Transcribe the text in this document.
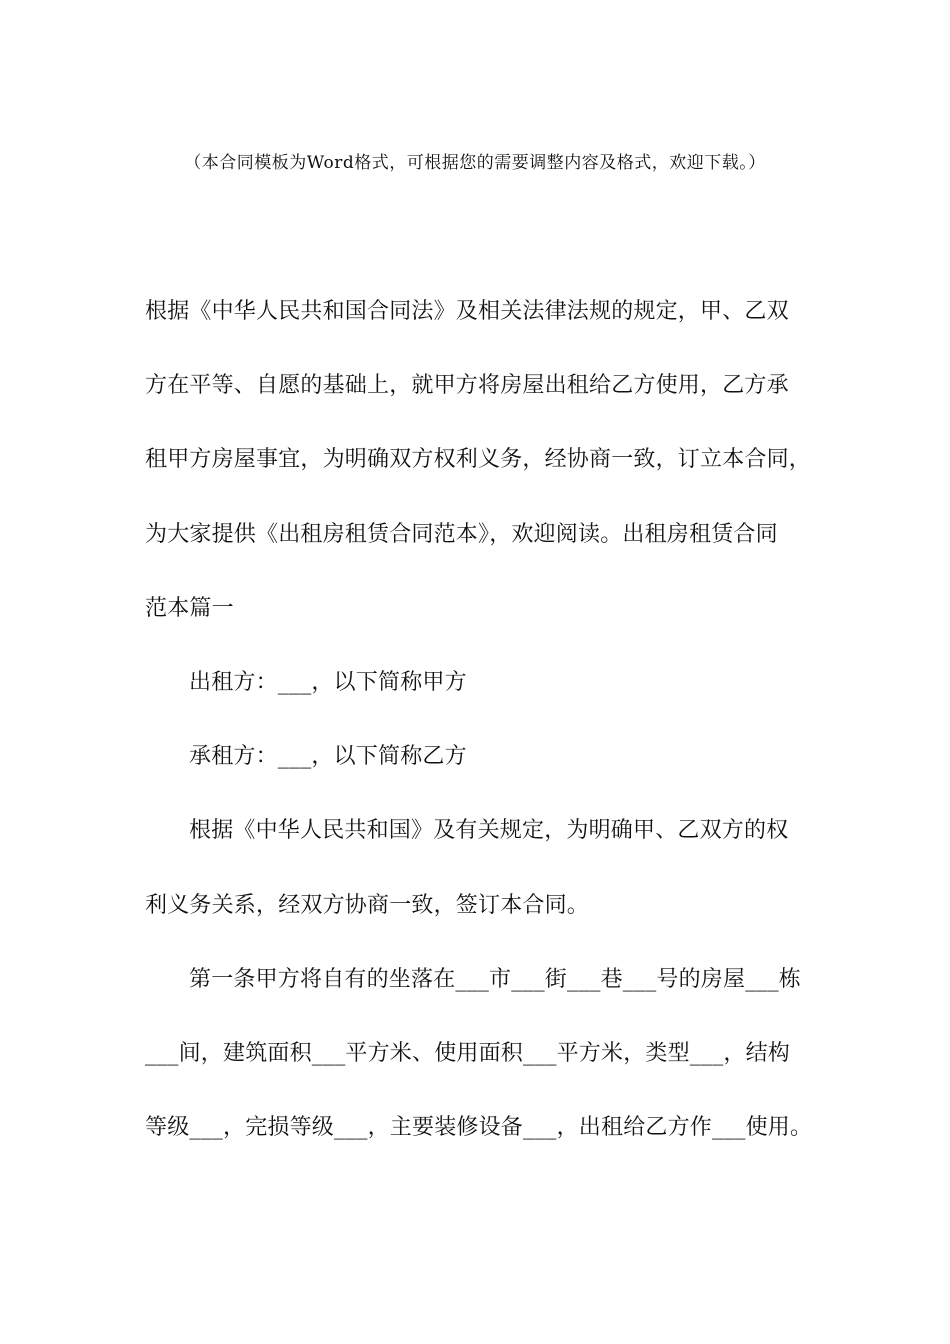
（本合同模板为Word格式，可根据您的需要调整内容及格式，欢迎下载。）
根据《中华人民共和国合同法》及相关法律法规的规定，甲、乙双
方在平等、自愿的基础上，就甲方将房屋出租给乙方使用，乙方承
租甲方房屋事宜，为明确双方权利义务，经协商一致，订立本合同，
为大家提供《出租房租赁合同范本》，欢迎阅读。出租房租赁合同
范本篇一
出租方：___，以下简称甲方
承租方：___，以下简称乙方
根据《中华人民共和国》及有关规定，为明确甲、乙双方的权
利义务关系，经双方协商一致，签订本合同。
第一条甲方将自有的坐落在___市___街___巷___号的房屋___栋
___间，建筑面积___平方米、使用面积___平方米，类型___，结构
等级___，完损等级___，主要装修设备___，出租给乙方作___使用。
